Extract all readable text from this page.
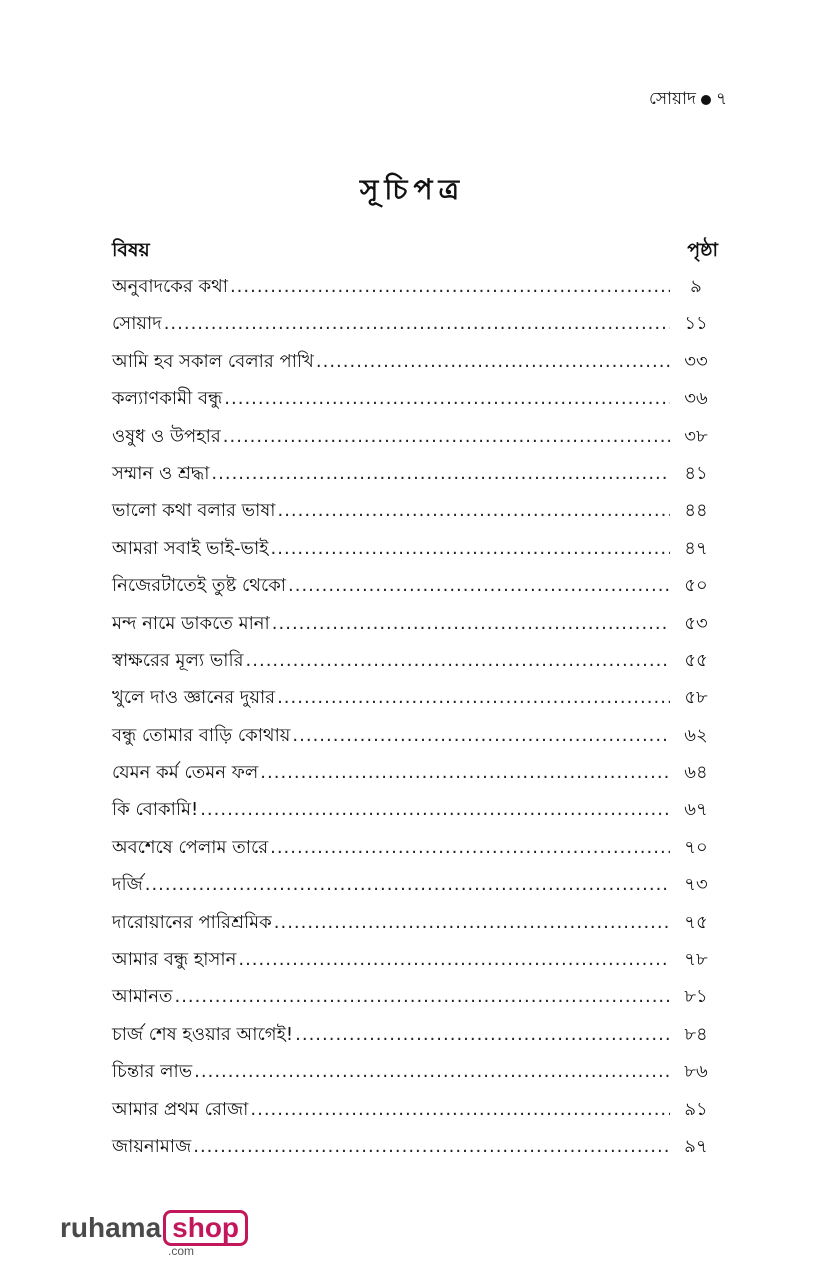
সোয়াদ ৭
সূচিপত্র
বিষয়	পৃষ্ঠা
অনুবাদকের কথা .....	৯
সোয়াদ .....	১১
আমি হব সকাল বেলার পাখি .....	৩৩
কল্যাণকামী বন্ধু .....	৩৬
ওষুধ ও উপহার .....	৩৮
সম্মান ও শ্রদ্ধা .....	৪১
ভালো কথা বলার ভাষা .....	৪৪
আমরা সবাই ভাই-ভাই .....	৪৭
নিজেরটাতেই তুষ্ট থেকো .....	৫০
মন্দ নামে ডাকতে মানা .....	৫৩
স্বাক্ষরের মূল্য ভারি .....	৫৫
খুলে দাও জ্ঞানের দুয়ার .....	৫৮
বন্ধু তোমার বাড়ি কোথায় .....	৬২
যেমন কর্ম তেমন ফল .....	৬৪
কি বোকামি! .....	৬৭
অবশেষে পেলাম তারে .....	৭০
দর্জি .....	৭৩
দারোয়ানের পারিশ্রমিক .....	৭৫
আমার বন্ধু হাসান .....	৭৮
আমানত .....	৮১
চার্জ শেষ হওয়ার আগেই! .....	৮৪
চিন্তার লাভ .....	৮৬
আমার প্রথম রোজা .....	৯১
জায়নামাজ .....	৯৭
ruhama shop
.com
